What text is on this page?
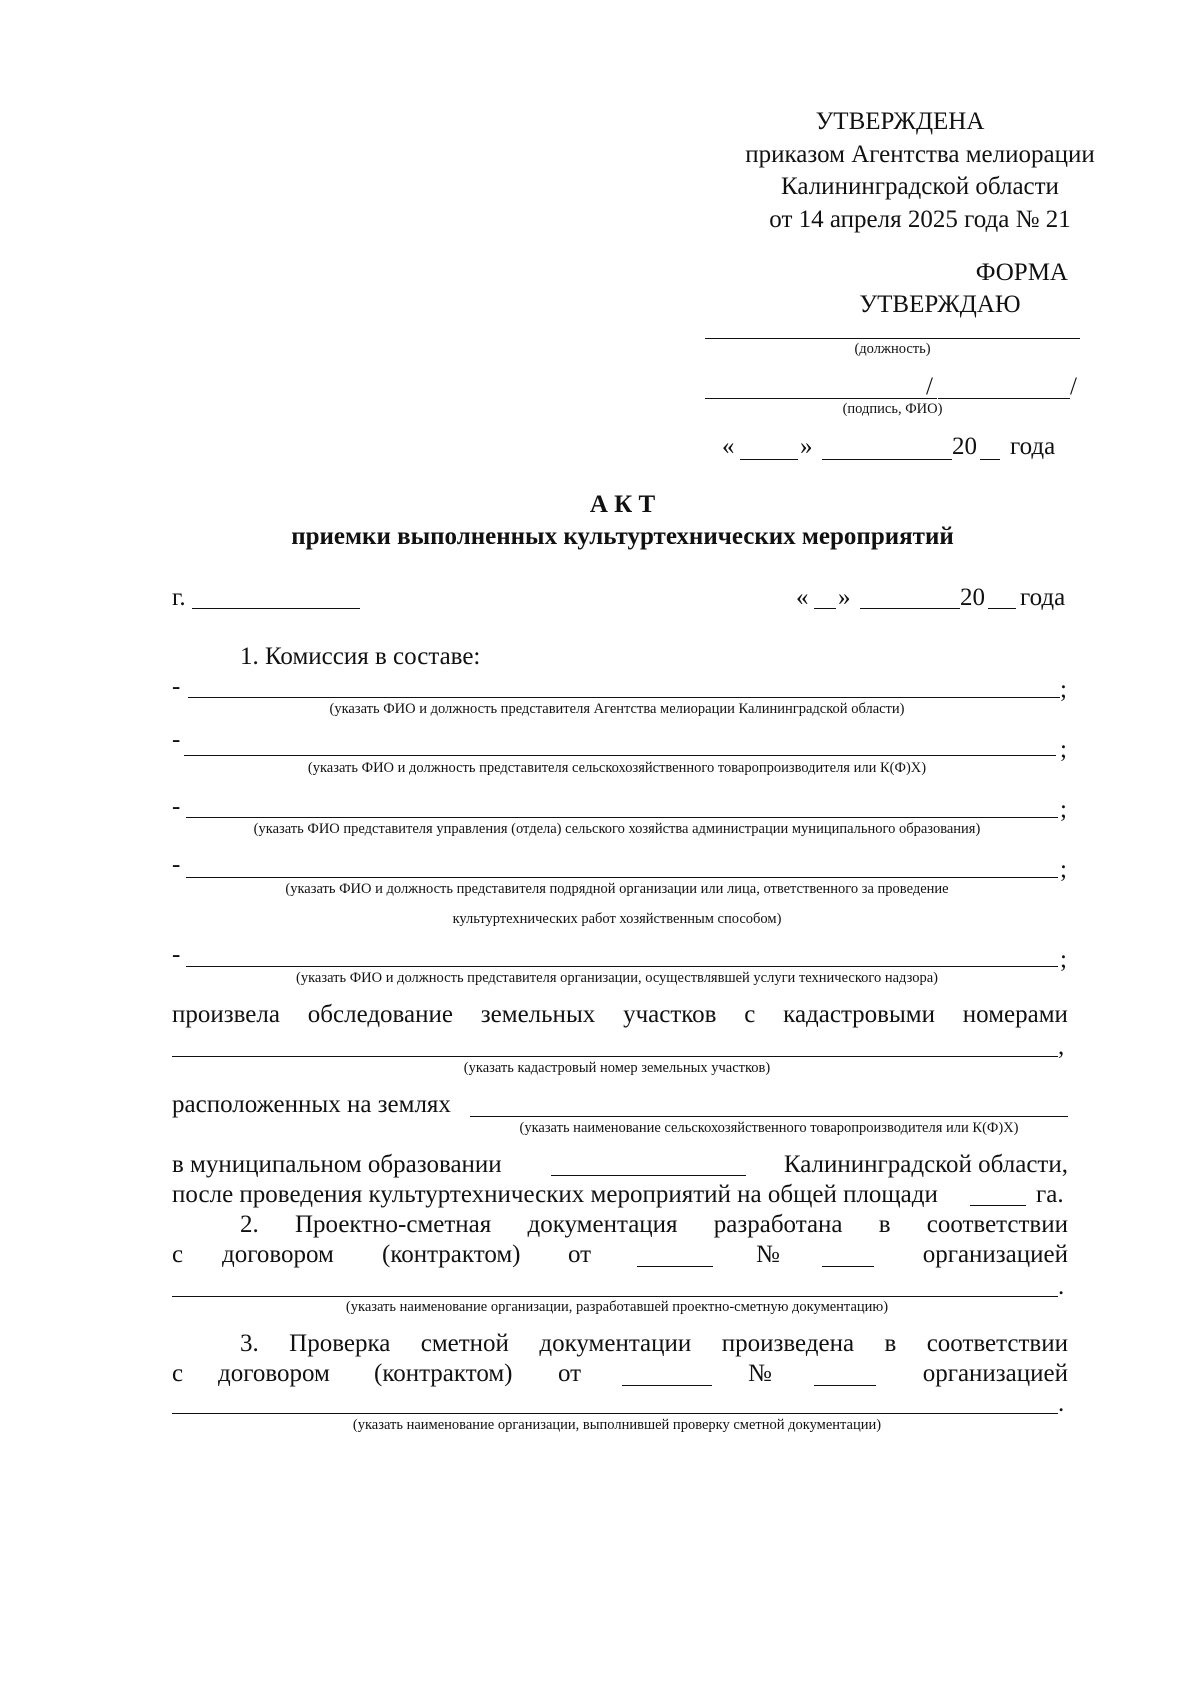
УТВЕРЖДЕНА
приказом Агентства мелиорации
Калининградской области
от 14 апреля 2025 года № 21
ФОРМА
УТВЕРЖДАЮ
(должность)
/	/
(подпись, ФИО)
«	»	20 года
А К Т
приемки выполненных культуртехнических мероприятий
г.	« »	20 года
1. Комиссия в составе:
-	;
(указать ФИО и должность представителя Агентства мелиорации Калининградской области)
-	;
(указать ФИО и должность представителя сельскохозяйственного товаропроизводителя или К(Ф)Х)
-	;
(указать ФИО представителя управления (отдела) сельского хозяйства администрации муниципального образования)
-	;
(указать ФИО и должность представителя подрядной организации или лица, ответственного за проведение
культуртехнических работ хозяйственным способом)
-	;
(указать ФИО и должность представителя организации, осуществлявшей услуги технического надзора)
произвела обследование земельных участков с кадастровыми номерами
,
(указать кадастровый номер земельных участков)
расположенных на землях
(указать наименование сельскохозяйственного товаропроизводителя или К(Ф)Х)
в муниципальном образовании	Калининградской области,
после проведения культуртехнических мероприятий на общей площади	га.
2. Проектно-сметная документация разработана в соответствии
с договором (контрактом) от	№	организацией
.
(указать наименование организации, разработавшей проектно-сметную документацию)
3. Проверка сметной документации произведена в соответствии
с договором (контрактом) от	№	организацией
.
(указать наименование организации, выполнившей проверку сметной документации)
